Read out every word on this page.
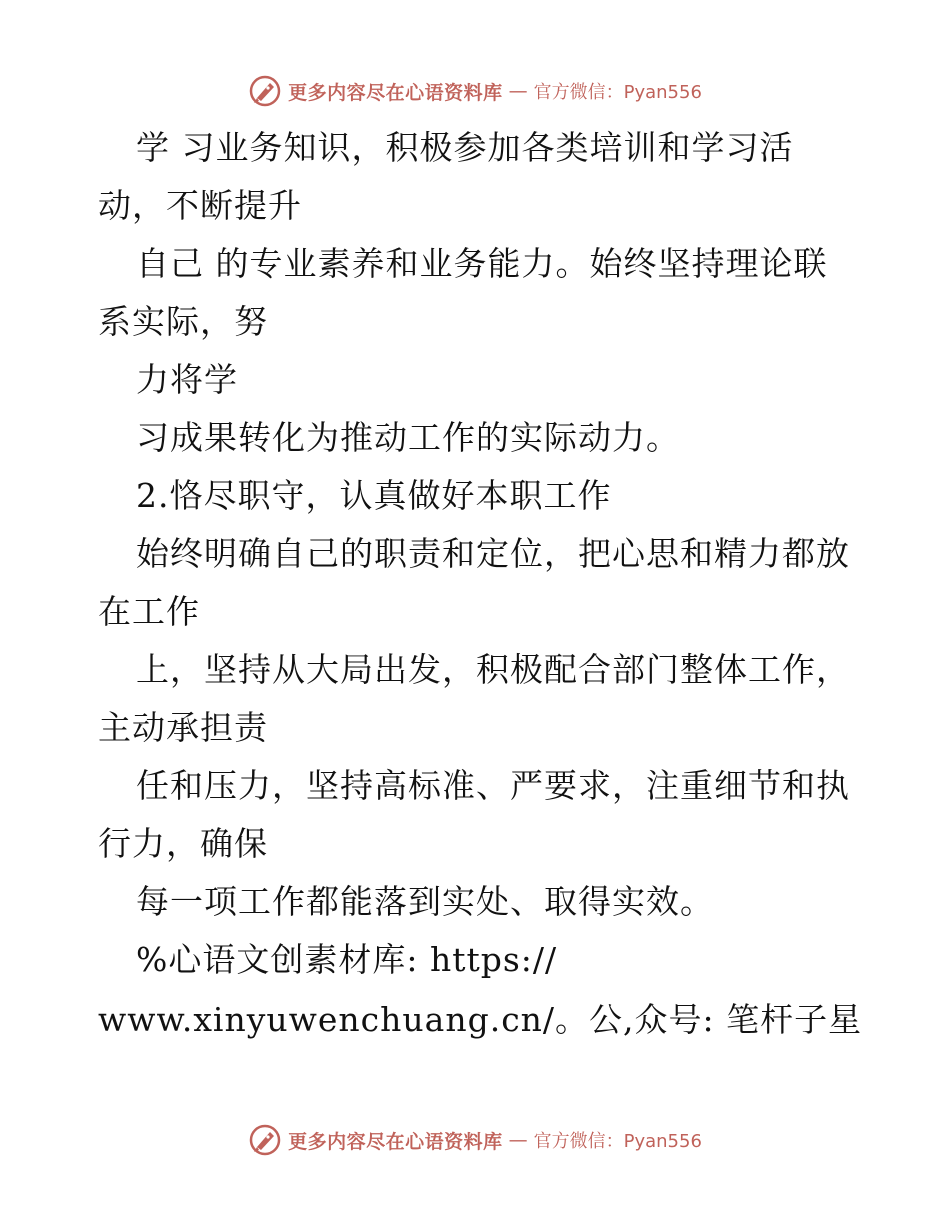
更多内容尽在心语资料库 — 官方微信：Pyan556
学 习业务知识，积极参加各类培训和学习活
动，不断提升
自己 的专业素养和业务能力。始终坚持理论联
系实际，努
力将学
习成果转化为推动工作的实际动力。
2.恪尽职守，认真做好本职工作
始终明确自己的职责和定位，把心思和精力都放
在工作
上，坚持从大局出发，积极配合部门整体工作，
主动承担责
任和压力，坚持高标准、严要求，注重细节和执
行力，确保
每一项工作都能落到实处、取得实效。
%心语文创素材库: https://
www.xinyuwenchuang.cn/。公,众号: 笔杆子星
更多内容尽在心语资料库 — 官方微信：Pyan556
